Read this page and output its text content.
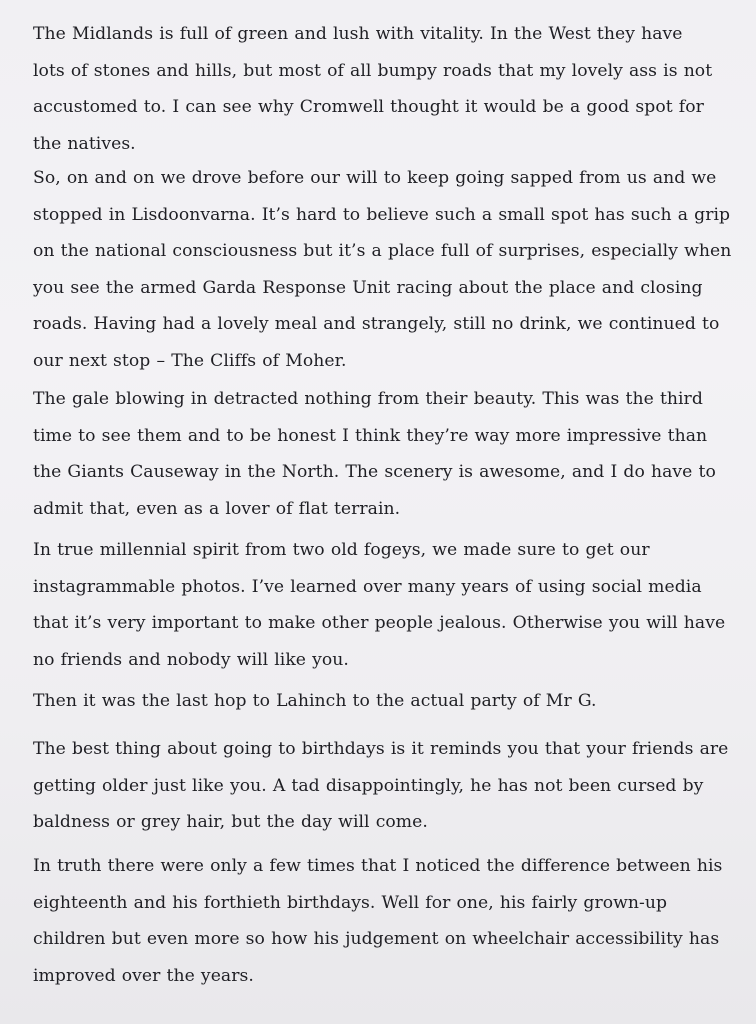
The Midlands is full of green and lush with vitality. In the West they have
lots of stones and hills, but most of all bumpy roads that my lovely ass is not
accustomed to. I can see why Cromwell thought it would be a good spot for
the natives.

So, on and on we drove before our will to keep going sapped from us and we
stopped in Lisdoonvarna. It’s hard to believe such a small spot has such a grip
on the national consciousness but it’s a place full of surprises, especially when
you see the armed Garda Response Unit racing about the place and closing
roads. Having had a lovely meal and strangely, still no drink, we continued to
our next stop – The Cliffs of Moher.

The gale blowing in detracted nothing from their beauty. This was the third
time to see them and to be honest I think they’re way more impressive than
the Giants Causeway in the North. The scenery is awesome, and I do have to
admit that, even as a lover of flat terrain.

In true millennial spirit from two old fogeys, we made sure to get our
instagrammable photos. I’ve learned over many years of using social media
that it’s very important to make other people jealous. Otherwise you will have
no friends and nobody will like you.

Then it was the last hop to Lahinch to the actual party of Mr G.

The best thing about going to birthdays is it reminds you that your friends are
getting older just like you. A tad disappointingly, he has not been cursed by
baldness or grey hair, but the day will come.

In truth there were only a few times that I noticed the difference between his
eighteenth and his forthieth birthdays. Well for one, his fairly grown-up
children but even more so how his judgement on wheelchair accessibility has
improved over the years.
